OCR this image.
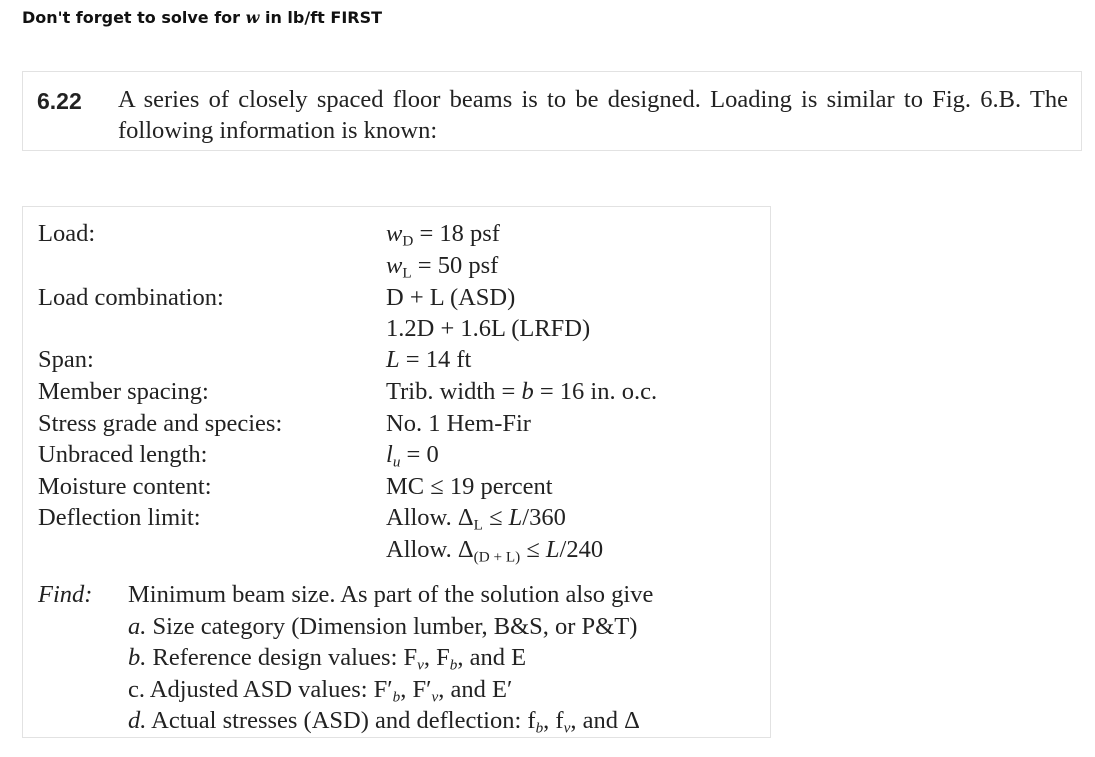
Don't forget to solve for w in lb/ft FIRST
6.22 A series of closely spaced floor beams is to be designed. Loading is similar to Fig. 6.B. The following information is known:
Load:	$w_D = 18$ psf
$w_L = 50$ psf
Load combination:	D + L (ASD)
1.2D + 1.6L (LRFD)
Span:	L = 14 ft
Member spacing:	Trib. width = b = 16 in. o.c.
Stress grade and species:	No. 1 Hem-Fir
Unbraced length:	$l_u = 0$
Moisture content:	MC ≤ 19 percent
Deflection limit:	Allow. $\Delta_L \le L/360$
Allow. $\Delta_{(D + L)} \le L/240$
Find: Minimum beam size. As part of the solution also give
a. Size category (Dimension lumber, B&S, or P&T)
b. Reference design values: $F_v$, $F_b$, and E
c. Adjusted ASD values: $F'_b$, $F'_v$, and E′
d. Actual stresses (ASD) and deflection: $f_b$, $f_v$, and Δ
